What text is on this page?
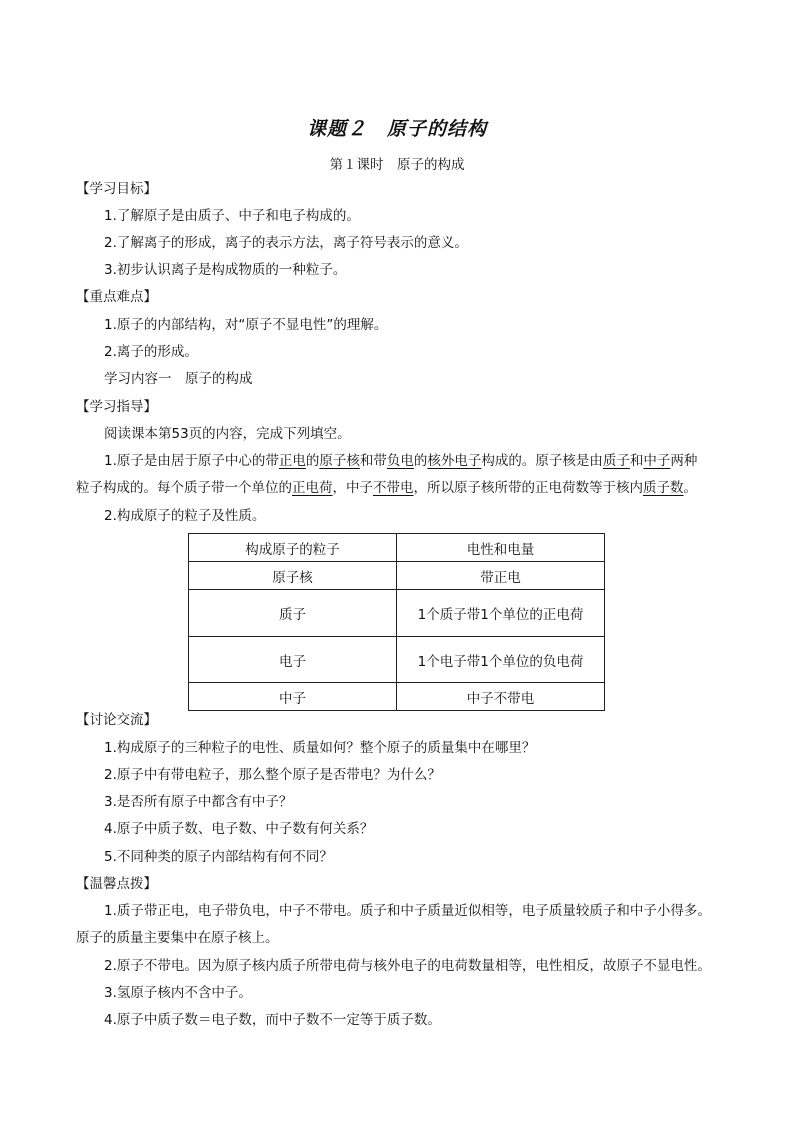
课题２　原子的结构
第１课时　原子的构成
【学习目标】
1.了解原子是由质子、中子和电子构成的。
2.了解离子的形成，离子的表示方法，离子符号表示的意义。
3.初步认识离子是构成物质的一种粒子。
【重点难点】
1.原子的内部结构，对“原子不显电性”的理解。
2.离子的形成。
学习内容一　原子的构成
【学习指导】
阅读课本第53页的内容，完成下列填空。
1.原子是由居于原子中心的带正电的原子核和带负电的核外电子构成的。原子核是由质子和中子两种
粒子构成的。每个质子带一个单位的正电荷，中子不带电，所以原子核所带的正电荷数等于核内质子数。
2.构成原子的粒子及性质。
构成原子的粒子	电性和电量
原子核	带正电
质子	1个质子带1个单位的正电荷
电子	1个电子带1个单位的负电荷
中子	中子不带电
【讨论交流】
1.构成原子的三种粒子的电性、质量如何？整个原子的质量集中在哪里？
2.原子中有带电粒子，那么整个原子是否带电？为什么？
3.是否所有原子中都含有中子？
4.原子中质子数、电子数、中子数有何关系？
5.不同种类的原子内部结构有何不同？
【温馨点拨】
1.质子带正电，电子带负电，中子不带电。质子和中子质量近似相等，电子质量较质子和中子小得多。
原子的质量主要集中在原子核上。
2.原子不带电。因为原子核内质子所带电荷与核外电子的电荷数量相等，电性相反，故原子不显电性。
3.氢原子核内不含中子。
4.原子中质子数＝电子数，而中子数不一定等于质子数。
